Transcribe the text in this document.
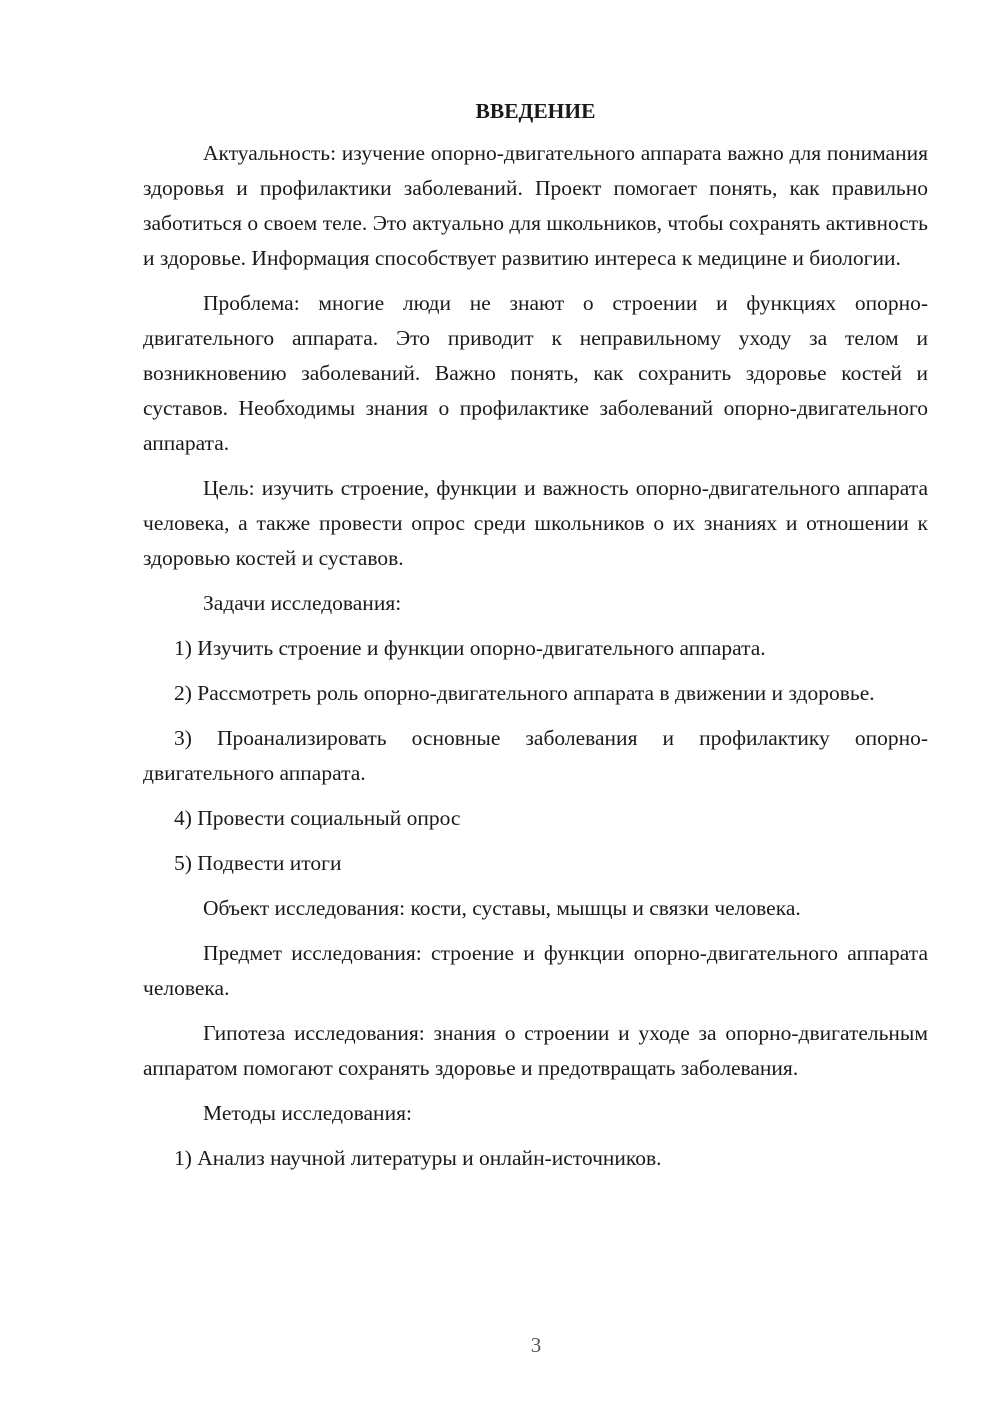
ВВЕДЕНИЕ

Актуальность: изучение опорно-двигательного аппарата важно для понимания здоровья и профилактики заболеваний. Проект помогает понять, как правильно заботиться о своем теле. Это актуально для школьников, чтобы сохранять активность и здоровье. Информация способствует развитию интереса к медицине и биологии.

Проблема: многие люди не знают о строении и функциях опорно-двигательного аппарата. Это приводит к неправильному уходу за телом и возникновению заболеваний. Важно понять, как сохранить здоровье костей и суставов. Необходимы знания о профилактике заболеваний опорно-двигательного аппарата.

Цель: изучить строение, функции и важность опорно-двигательного аппарата человека, а также провести опрос среди школьников о их знаниях и отношении к здоровью костей и суставов.

Задачи исследования:

1) Изучить строение и функции опорно-двигательного аппарата.

2) Рассмотреть роль опорно-двигательного аппарата в движении и здоровье.

3) Проанализировать основные заболевания и профилактику опорно-двигательного аппарата.

4) Провести социальный опрос

5) Подвести итоги

Объект исследования: кости, суставы, мышцы и связки человека.

Предмет исследования: строение и функции опорно-двигательного аппарата человека.

Гипотеза исследования: знания о строении и уходе за опорно-двигательным аппаратом помогают сохранять здоровье и предотвращать заболевания.

Методы исследования:

1) Анализ научной литературы и онлайн-источников.

3
